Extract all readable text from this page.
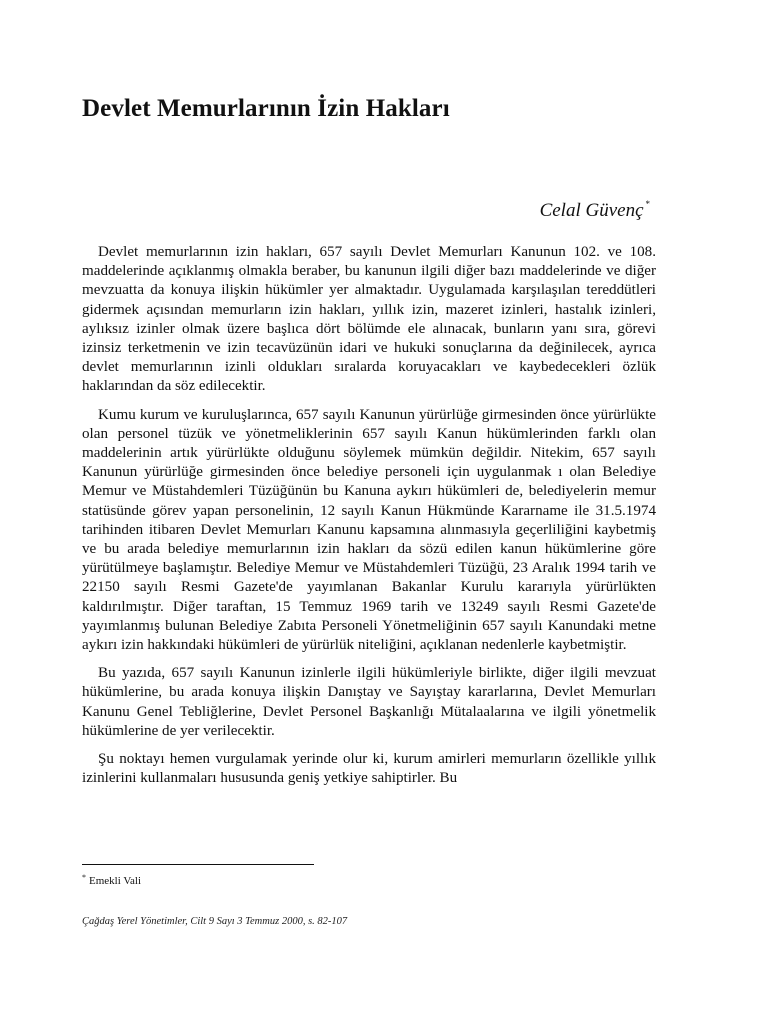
Devlet Memurlarının İzin Hakları
Celal Güvenç *

Devlet memurlarının izin hakları, 657 sayılı Devlet Memurları Kanunun 102. ve 108. maddelerinde açıklanmış olmakla beraber, bu kanunun ilgili diğer bazı maddelerinde ve diğer mevzuatta da konuya ilişkin hükümler yer almaktadır. Uygulamada karşılaşılan tereddütleri gidermek açısından memurların izin hakları, yıllık izin, mazeret izinleri, hastalık izinleri, aylıksız izinler olmak üzere başlıca dört bölümde ele alınacak, bunların yanı sıra, görevi izinsiz terketmenin ve izin tecavüzünün idari ve hukuki sonuçlarına da değinilecek, ayrıca devlet memurlarının izinli oldukları sıralarda koruyacakları ve kaybedecekleri özlük haklarından da söz edilecektir.

Kumu kurum ve kuruluşlarınca, 657 sayılı Kanunun yürürlüğe girmesinden önce yürürlükte olan personel tüzük ve yönetmeliklerinin 657 sayılı Kanun hükümlerinden farklı olan maddelerinin artık yürürlükte olduğunu söylemek mümkün değildir. Nitekim, 657 sayılı Kanunun yürürlüğe girmesinden önce belediye personeli için uygulanmak ı olan Belediye Memur ve Müstahdemleri Tüzüğünün bu Kanuna aykırı hükümleri de, belediyelerin memur statüsünde görev yapan personelinin, 12 sayılı Kanun Hükmünde Kararname ile 31.5.1974 tarihinden itibaren Devlet Memurları Kanunu kapsamına alınmasıyla geçerliliğini kaybetmiş ve bu arada belediye memurlarının izin hakları da sözü edilen kanun hükümlerine göre yürütülmeye başlamıştır. Belediye Memur ve Müstahdemleri Tüzüğü, 23 Aralık 1994 tarih ve 22150 sayılı Resmi Gazete'de yayımlanan Bakanlar Kurulu kararıyla yürürlükten kaldırılmıştır. Diğer taraftan, 15 Temmuz 1969 tarih ve 13249 sayılı Resmi Gazete'de yayımlanmış bulunan Belediye Zabıta Personeli Yönetmeliğinin 657 sayılı Kanundaki metne aykırı izin hakkındaki hükümleri de yürürlük niteliğini, açıklanan nedenlerle kaybetmiştir.

Bu yazıda, 657 sayılı Kanunun izinlerle ilgili hükümleriyle birlikte, diğer ilgili mevzuat hükümlerine, bu arada konuya ilişkin Danıştay ve Sayıştay kararlarına, Devlet Memurları Kanunu Genel Tebliğlerine, Devlet Personel Başkanlığı Mütalaalarına ve ilgili yönetmelik hükümlerine de yer verilecektir.

Şu noktayı hemen vurgulamak yerinde olur ki, kurum amirleri memurların özellikle yıllık izinlerini kullanmaları hususunda geniş yetkiye sahiptirler. Bu

* Emekli Vali
Çağdaş Yerel Yönetimler, Cilt 9 Sayı 3 Temmuz 2000, s. 82-107
